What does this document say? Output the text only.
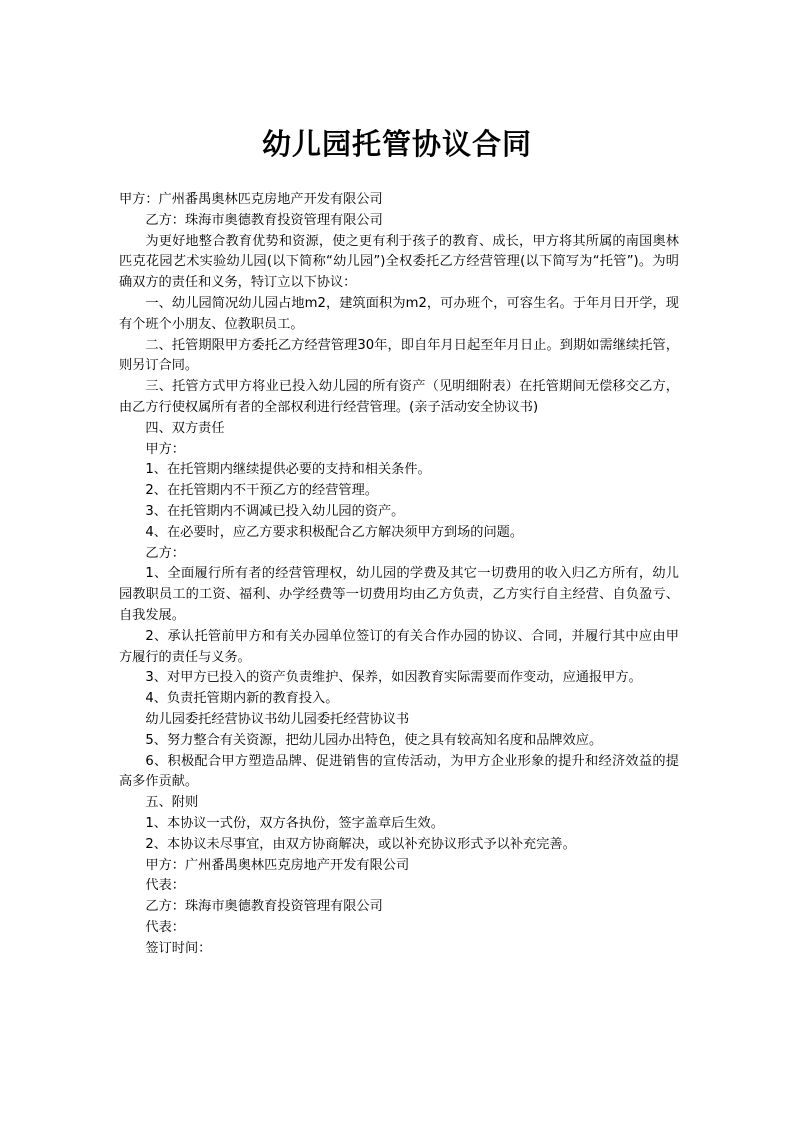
幼儿园托管协议合同

甲方：广州番禺奥林匹克房地产开发有限公司

乙方：珠海市奥德教育投资管理有限公司

为更好地整合教育优势和资源，使之更有利于孩子的教育、成长，甲方将其所属的南国奥林匹克花园艺术实验幼儿园(以下简称“幼儿园”)全权委托乙方经营管理(以下简写为“托管”)。为明确双方的责任和义务，特订立以下协议：

一、幼儿园简况幼儿园占地m2，建筑面积为m2，可办班个，可容生名。于年月日开学，现有个班个小朋友、位教职员工。

二、托管期限甲方委托乙方经营管理30年，即自年月日起至年月日止。到期如需继续托管，则另订合同。

三、托管方式甲方将业已投入幼儿园的所有资产（见明细附表）在托管期间无偿移交乙方，由乙方行使权属所有者的全部权利进行经营管理。(亲子活动安全协议书)

四、双方责任

甲方：

1、在托管期内继续提供必要的支持和相关条件。

2、在托管期内不干预乙方的经营管理。

3、在托管期内不调减已投入幼儿园的资产。

4、在必要时，应乙方要求积极配合乙方解决须甲方到场的问题。

乙方：

1、全面履行所有者的经营管理权，幼儿园的学费及其它一切费用的收入归乙方所有，幼儿园教职员工的工资、福利、办学经费等一切费用均由乙方负责，乙方实行自主经营、自负盈亏、自我发展。

2、承认托管前甲方和有关办园单位签订的有关合作办园的协议、合同，并履行其中应由甲方履行的责任与义务。

3、对甲方已投入的资产负责维护、保养，如因教育实际需要而作变动，应通报甲方。

4、负责托管期内新的教育投入。

幼儿园委托经营协议书幼儿园委托经营协议书

5、努力整合有关资源，把幼儿园办出特色，使之具有较高知名度和品牌效应。

6、积极配合甲方塑造品牌、促进销售的宣传活动，为甲方企业形象的提升和经济效益的提高多作贡献。

五、附则

1、本协议一式份，双方各执份，签字盖章后生效。

2、本协议未尽事宜，由双方协商解决，或以补充协议形式予以补充完善。

甲方：广州番禺奥林匹克房地产开发有限公司

代表：

乙方：珠海市奥德教育投资管理有限公司

代表：

签订时间：
